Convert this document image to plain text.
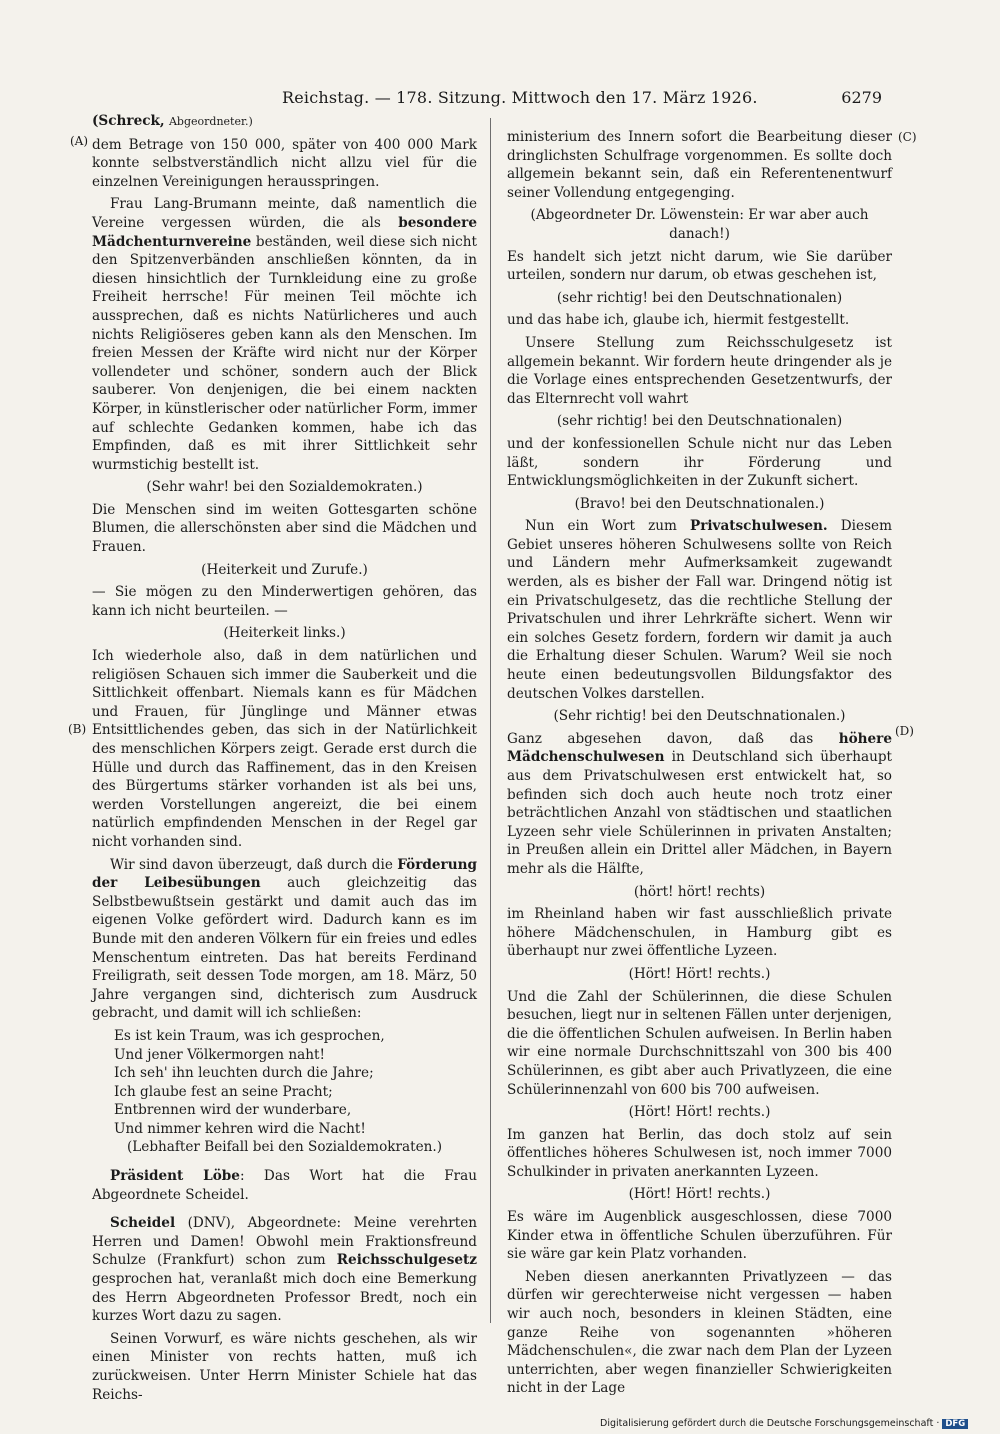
Reichstag. — 178. Sitzung. Mittwoch den 17. März 1926.	6279
(A)
(B)
(C)
(D)

(Schreck, Abgeordneter.)

dem Betrage von 150 000, später von 400 000 Mark konnte selbstverständlich nicht allzu viel für die einzelnen Vereinigungen herausspringen.

Frau Lang-Brumann meinte, daß namentlich die Vereine vergessen würden, die als besondere Mädchenturnvereine beständen, weil diese sich nicht den Spitzenverbänden anschließen könnten, da in diesen hinsichtlich der Turnkleidung eine zu große Freiheit herrsche! Für meinen Teil möchte ich aussprechen, daß es nichts Natürlicheres und auch nichts Religiöseres geben kann als den Menschen. Im freien Messen der Kräfte wird nicht nur der Körper vollendeter und schöner, sondern auch der Blick sauberer. Von denjenigen, die bei einem nackten Körper, in künstlerischer oder natürlicher Form, immer auf schlechte Gedanken kommen, habe ich das Empfinden, daß es mit ihrer Sittlichkeit sehr wurmstichig bestellt ist.

(Sehr wahr! bei den Sozialdemokraten.)

Die Menschen sind im weiten Gottesgarten schöne Blumen, die allerschönsten aber sind die Mädchen und Frauen.

(Heiterkeit und Zurufe.)

— Sie mögen zu den Minderwertigen gehören, das kann ich nicht beurteilen. —

(Heiterkeit links.)

Ich wiederhole also, daß in dem natürlichen und religiösen Schauen sich immer die Sauberkeit und die Sittlichkeit offenbart. Niemals kann es für Mädchen und Frauen, für Jünglinge und Männer etwas Entsittlichendes geben, das sich in der Natürlichkeit des menschlichen Körpers zeigt. Gerade erst durch die Hülle und durch das Raffinement, das in den Kreisen des Bürgertums stärker vorhanden ist als bei uns, werden Vorstellungen angereizt, die bei einem natürlich empfindenden Menschen in der Regel gar nicht vorhanden sind.

Wir sind davon überzeugt, daß durch die Förderung der Leibesübungen auch gleichzeitig das Selbstbewußtsein gestärkt und damit auch das im eigenen Volke gefördert wird. Dadurch kann es im Bunde mit den anderen Völkern für ein freies und edles Menschentum eintreten. Das hat bereits Ferdinand Freiligrath, seit dessen Tode morgen, am 18. März, 50 Jahre vergangen sind, dichterisch zum Ausdruck gebracht, und damit will ich schließen:

Es ist kein Traum, was ich gesprochen,

Und jener Völkermorgen naht!

Ich seh' ihn leuchten durch die Jahre;

Ich glaube fest an seine Pracht;

Entbrennen wird der wunderbare,

Und nimmer kehren wird die Nacht!

(Lebhafter Beifall bei den Sozialdemokraten.)

Präsident Löbe: Das Wort hat die Frau Abgeordnete Scheidel.

Scheidel (DNV), Abgeordnete: Meine verehrten Herren und Damen! Obwohl mein Fraktionsfreund Schulze (Frankfurt) schon zum Reichsschulgesetz gesprochen hat, veranlaßt mich doch eine Bemerkung des Herrn Abgeordneten Professor Bredt, noch ein kurzes Wort dazu zu sagen.

Seinen Vorwurf, es wäre nichts geschehen, als wir einen Minister von rechts hatten, muß ich zurückweisen. Unter Herrn Minister Schiele hat das Reichs-

ministerium des Innern sofort die Bearbeitung dieser dringlichsten Schulfrage vorgenommen. Es sollte doch allgemein bekannt sein, daß ein Referentenentwurf seiner Vollendung entgegenging.

(Abgeordneter Dr. Löwenstein: Er war aber auch danach!)

Es handelt sich jetzt nicht darum, wie Sie darüber urteilen, sondern nur darum, ob etwas geschehen ist,

(sehr richtig! bei den Deutschnationalen)

und das habe ich, glaube ich, hiermit festgestellt.

Unsere Stellung zum Reichsschulgesetz ist allgemein bekannt. Wir fordern heute dringender als je die Vorlage eines entsprechenden Gesetzentwurfs, der das Elternrecht voll wahrt

(sehr richtig! bei den Deutschnationalen)

und der konfessionellen Schule nicht nur das Leben läßt, sondern ihr Förderung und Entwicklungsmöglichkeiten in der Zukunft sichert.

(Bravo! bei den Deutschnationalen.)

Nun ein Wort zum Privatschulwesen. Diesem Gebiet unseres höheren Schulwesens sollte von Reich und Ländern mehr Aufmerksamkeit zugewandt werden, als es bisher der Fall war. Dringend nötig ist ein Privatschulgesetz, das die rechtliche Stellung der Privatschulen und ihrer Lehrkräfte sichert. Wenn wir ein solches Gesetz fordern, fordern wir damit ja auch die Erhaltung dieser Schulen. Warum? Weil sie noch heute einen bedeutungsvollen Bildungsfaktor des deutschen Volkes darstellen.

(Sehr richtig! bei den Deutschnationalen.)

Ganz abgesehen davon, daß das höhere Mädchenschulwesen in Deutschland sich überhaupt aus dem Privatschulwesen erst entwickelt hat, so befinden sich doch auch heute noch trotz einer beträchtlichen Anzahl von städtischen und staatlichen Lyzeen sehr viele Schülerinnen in privaten Anstalten; in Preußen allein ein Drittel aller Mädchen, in Bayern mehr als die Hälfte,

(hört! hört! rechts)

im Rheinland haben wir fast ausschließlich private höhere Mädchenschulen, in Hamburg gibt es überhaupt nur zwei öffentliche Lyzeen.

(Hört! Hört! rechts.)

Und die Zahl der Schülerinnen, die diese Schulen besuchen, liegt nur in seltenen Fällen unter derjenigen, die die öffentlichen Schulen aufweisen. In Berlin haben wir eine normale Durchschnittszahl von 300 bis 400 Schülerinnen, es gibt aber auch Privatlyzeen, die eine Schülerinnenzahl von 600 bis 700 aufweisen.

(Hört! Hört! rechts.)

Im ganzen hat Berlin, das doch stolz auf sein öffentliches höheres Schulwesen ist, noch immer 7000 Schulkinder in privaten anerkannten Lyzeen.

(Hört! Hört! rechts.)

Es wäre im Augenblick ausgeschlossen, diese 7000 Kinder etwa in öffentliche Schulen überzuführen. Für sie wäre gar kein Platz vorhanden.

Neben diesen anerkannten Privatlyzeen — das dürfen wir gerechterweise nicht vergessen — haben wir auch noch, besonders in kleinen Städten, eine ganze Reihe von sogenannten »höheren Mädchenschulen«, die zwar nach dem Plan der Lyzeen unterrichten, aber wegen finanzieller Schwierigkeiten nicht in der Lage

Digitalisierung gefördert durch die Deutsche Forschungsgemeinschaft · DFG
